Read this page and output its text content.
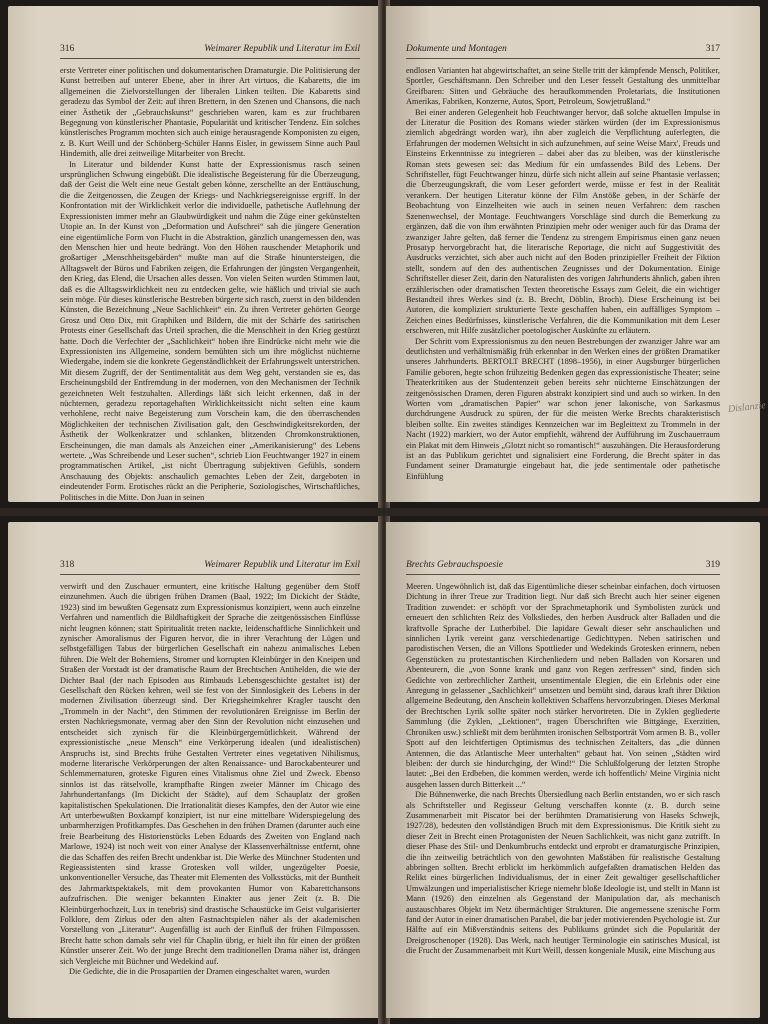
316	Weimarer Republik und Literatur im Exil

erste Vertreter einer politischen und dokumentarischen Dramaturgie. Die Politisierung der Kunst betreiben auf unterer Ebene, aber in ihrer Art virtuos, die Kabaretts, die im allgemeinen die Zielvorstellungen der liberalen Linken teilten. Die Kabaretts sind geradezu das Symbol der Zeit: auf ihren Brettern, in den Szenen und Chansons, die nach einer Ästhetik der „Gebrauchskunst“ geschrieben waren, kam es zur fruchtbaren Begegnung von künstlerischer Phantasie, Popularität und kritischer Tendenz. Ein solches künstlerisches Programm mochten sich auch einige herausragende Komponisten zu eigen, z. B. Kurt Weill und der Schönberg-Schüler Hanns Eisler, in gewissem Sinne auch Paul Hindemith, alle drei zeitweilige Mitarbeiter von Brecht.

In Literatur und bildender Kunst hatte der Expressionismus rasch seinen ursprünglichen Schwung eingebüßt. Die idealistische Begeisterung für die Überzeugung, daß der Geist die Welt eine neue Gestalt geben könne, zerschellte an der Enttäuschung, die die Zeitgenossen, die Zeugen der Kriegs- und Nachkriegsereignisse ergriff. In der Konfrontation mit der Wirklichkeit verlor die individuelle, pathetische Auflehnung der Expressionisten immer mehr an Glaubwürdigkeit und nahm die Züge einer gekünstelten Utopie an. In der Kunst von „Deformation und Aufschrei“ sah die jüngere Generation eine eigentümliche Form von Flucht in die Abstraktion, gänzlich unangemessen den, was den Menschen hier und heute bedrängt. Von den Höhen rauschender Metaphorik und großartiger „Menschheitsgebärden“ mußte man auf die Straße hinuntersteigen, die Alltagswelt der Büros und Fabriken zeigen, die Erfahrungen der jüngsten Vergangenheit, den Krieg, das Elend, die Ursachen alles dessen. Von vielen Seiten wurden Stimmen laut, daß es die Alltagswirklichkeit neu zu entdecken gelte, wie häßlich und trivial sie auch sein möge. Für dieses künstlerische Bestreben bürgerte sich rasch, zuerst in den bildenden Künsten, die Bezeichnung „Neue Sachlichkeit“ ein. Zu ihren Vertreter gehörten George Grosz und Otto Dix, mit Graphiken und Bildern, die mit der Schärfe des satirischen Protests einer Gesellschaft das Urteil sprachen, die die Menschheit in den Krieg gestürzt hatte. Doch die Verfechter der „Sachlichkeit“ hoben ihre Eindrücke nicht mehr wie die Expressionisten ins Allgemeine, sondern bemühten sich um ihre möglichst nüchterne Wiedergabe, indem sie die konkrete Gegenständlichkeit der Erfahrungswelt unterstrichen. Mit diesem Zugriff, der der Sentimentalität aus dem Weg geht, verstanden sie es, das Erscheinungsbild der Entfremdung in der modernen, von den Mechanismen der Technik gezeichneten Welt festzuhalten. Allerdings läßt sich leicht erkennen, daß in der nüchternen, geradezu reportagehaften Wirklichkeitssicht nicht selten eine kaum verhohlene, recht naive Begeisterung zum Vorschein kam, die den überraschenden Möglichkeiten der technischen Zivilisation galt, den Geschwindigkeitsrekorden, der Ästhetik der Wolkenkratzer und schlanken, blitzenden Chromkonstruktionen, Erscheinungen, die man damals als Anzeichen einer „Amerikanisierung“ des Lebens wertete. „Was Schreibende und Leser suchen“, schrieb Lion Feuchtwanger 1927 in einem programmatischen Artikel, „ist nicht Übertragung subjektiven Gefühls, sondern Anschauung des Objekts: anschaulich gemachtes Leben der Zeit, dargeboten in eindeutender Form. Erotisches rückt an die Peripherie, Soziologisches, Wirtschaftliches, Politisches in die Mitte. Don Juan in seinen

Dokumente und Montagen	317

endlosen Varianten hat abgewirtschaftet, an seine Stelle tritt der kämpfende Mensch, Politiker, Sportler, Geschäftsmann. Den Schreiber und den Leser fesselt Gestaltung des unmittelbar Greifbaren: Sitten und Gebräuche des heraufkommenden Proletariats, die Institutionen Amerikas, Fabriken, Konzerne, Autos, Sport, Petroleum, Sowjetrußland.“

Bei einer anderen Gelegenheit hob Feuchtwanger hervor, daß solche aktuellen Impulse in der Literatur die Position des Romans wieder stärken würden (der im Expressionismus ziemlich abgedrängt worden war), ihn aber zugleich die Verpflichtung auferlegten, die Erfahrungen der modernen Weltsicht in sich aufzunehmen, auf seine Weise Marx', Freuds und Einsteins Erkenntnisse zu integrieren – dabei aber das zu bleiben, was der künstlerische Roman stets gewesen sei: das Medium für ein umfassendes Bild des Lebens. Der Schriftsteller, fügt Feuchtwanger hinzu, dürfe sich nicht allein auf seine Phantasie verlassen; die Überzeugungskraft, die vom Leser gefordert werde, müsse er fest in der Realität verankern. Der heutigen Literatur könne der Film Anstöße geben, in der Schärfe der Beobachtung von Einzelheiten wie auch in seinen neuen Verfahren: dem raschen Szenenwechsel, der Montage. Feuchtwangers Vorschläge sind durch die Bemerkung zu ergänzen, daß die von ihm erwähnten Prinzipien mehr oder weniger auch für das Drama der zwanziger Jahre gelten, daß ferner die Tendenz zu strengem Empirismus einen ganz neuen Prosatyp hervorgebracht hat, die literarische Reportage, die nicht auf Suggestivität des Ausdrucks verzichtet, sich aber auch nicht auf den Boden prinzipieller Freiheit der Fiktion stellt, sondern auf den des authentischen Zeugnisses und der Dokumentation. Einige Schriftsteller dieser Zeit, darin den Naturalisten des vorigen Jahrhunderts ähnlich, gaben ihren erzählerischen oder dramatischen Texten theoretische Essays zum Geleit, die ein wichtiger Bestandteil ihres Werkes sind (z. B. Brecht, Döblin, Broch). Diese Erscheinung ist bei Autoren, die kompliziert strukturierte Texte geschaffen haben, ein auffälliges Symptom – Zeichen eines Bedürfnisses, künstlerische Verfahren, die die Kommunikation mit dem Leser erschweren, mit Hilfe zusätzlicher poetologischer Auskünfte zu erläutern.

Der Schritt vom Expressionismus zu den neuen Bestrebungen der zwanziger Jahre war am deutlichsten und verhältnismäßig früh erkennbar in den Werken eines der größten Dramatiker unseres Jahrhunderts. BERTOLT BRECHT (1898–1956), in einer Augsburger bürgerlichen Familie geboren, hegte schon frühzeitig Bedenken gegen das expressionistische Theater; seine Theaterkritiken aus der Studentenzeit geben bereits sehr nüchterne Einschätzungen der zeitgenössischen Dramen, deren Figuren abstrakt konzipiert sind und auch so wirken. In den Worten vom „dramatischen Papier“ war schon jener lakonische, von Sarkasmus durchdrungene Ausdruck zu spüren, der für die meisten Werke Brechts charakteristisch bleiben sollte. Ein zweites ständiges Kennzeichen war im Begleittext zu Trommeln in der Nacht (1922) markiert, wo der Autor empfiehlt, während der Aufführung im Zuschauerraum ein Plakat mit dem Hinweis „Glotzt nicht so romantisch!“ auszuhängen. Die Herausforderung ist an das Publikum gerichtet und signalisiert eine Forderung, die Brecht später in das Fundament seiner Dramaturgie eingebaut hat, die jede sentimentale oder pathetische Einfühlung

Dislanzie
318	Weimarer Republik und Literatur im Exil

verwirft und den Zuschauer ermuntert, eine kritische Haltung gegenüber dem Stoff einzunehmen. Auch die übrigen frühen Dramen (Baal, 1922; Im Dickicht der Städte, 1923) sind im bewußten Gegensatz zum Expressionismus konzipiert, wenn auch einzelne Verfahren und namentlich die Bildhaftigkeit der Sprache die zeitgenössischen Einflüsse nicht leugnen können; statt Spiritualität treten nackte, leidenschaftliche Sinnlichkeit und zynischer Amoralismus der Figuren hervor, die in ihrer Verachtung der Lügen und selbstgefälligen Tabus der bürgerlichen Gesellschaft ein nahezu animalisches Leben führen. Die Welt der Bohemiens, Stromer und korrupten Kleinbürger in den Kneipen und Straßen der Vorstadt ist der dramatische Raum der Brechtschen Antihelden, die wie der Dichter Baal (der nach Episoden aus Rimbauds Lebensgeschichte gestaltet ist) der Gesellschaft den Rücken kehren, weil sie fest von der Sinnlosigkeit des Lebens in der modernen Zivilisation überzeugt sind. Der Kriegsheimkehrer Kragler tauscht den „Trommeln in der Nacht“, den Stimmen der revolutionären Ereignisse im Berlin der ersten Nachkriegsmonate, vermag aber den Sinn der Revolution nicht einzusehen und entscheidet sich zynisch für die Kleinbürgergemütlichkeit. Während der expressionistische „neue Mensch“ eine Verkörperung idealen (und idealistischen) Anspruchs ist, sind Brechts frühe Gestalten Vertreter eines vegetativen Nihilismus, moderne literarische Verkörperungen der alten Renaissance- und Barockabenteurer und Schlemmernaturen, groteske Figuren eines Vitalismus ohne Ziel und Zweck. Ebenso sinnlos ist das rätselvolle, krampfhafte Ringen zweier Männer im Chicago des Jahrhundertanfangs (Im Dickicht der Städte), auf dem Schauplatz der großen kapitalistischen Spekulationen. Die Irrationalität dieses Kampfes, den der Autor wie eine Art unterbewußten Boxkampf konzipiert, ist nur eine mittelbare Widerspiegelung des unbarmherzigen Profitkampfes. Das Geschehen in den frühen Dramen (darunter auch eine freie Bearbeitung des Historienstücks Leben Eduards des Zweiten von England nach Marlowe, 1924) ist noch weit von einer Analyse der Klassenverhältnisse entfernt, ohne die das Schaffen des reifen Brecht undenkbar ist. Die Werke des Münchner Studenten und Regieassistenten sind krasse Grotesken voll wilder, ungezügelter Poesie, unkonventioneller Versuche, das Theater mit Elementen des Volksstücks, mit der Buntheit des Jahrmarktspektakels, mit dem provokanten Humor von Kabarettchansons aufzufrischen. Die weniger bekannten Einakter aus jener Zeit (z. B. Die Kleinbürgerhochzeit, Lux in tenebris) sind drastische Schaustücke im Geist vulgarisierter Folklore, dem Zirkus oder den alten Fastnachtspielen näher als der akademischen Vorstellung von „Literatur“. Augenfällig ist auch der Einfluß der frühen Filmposssen. Brecht hatte schon damals sehr viel für Chaplin übrig, er hielt ihn für einen der größten Künstler unserer Zeit. Wo der junge Brecht dem traditionellen Drama näher ist, drängen sich Vergleiche mit Büchner und Wedekind auf.

Die Gedichte, die in die Prosapartien der Dramen eingeschaltet waren, wurden

Brechts Gebrauchspoesie	319

Meeren. Ungewöhnlich ist, daß das Eigentümliche dieser scheinbar einfachen, doch virtuosen Dichtung in ihrer Treue zur Tradition liegt. Nur daß sich Brecht auch hier seiner eigenen Tradition zuwendet: er schöpft vor der Sprachmetaphorik und Symbolisten zurück und erneuert den schlichten Reiz des Volksliedes, den herben Ausdruck alter Balladen und die kraftvolle Sprache der Lutherbibel. Die lapidare Gewalt dieser sehr anschaulichen und sinnlichen Lyrik vereint ganz verschiedenartige Gedichttypen. Neben satirischen und parodistischen Versen, die an Villons Spottlieder und Wedekinds Grotesken erinnern, neben Gegenstücken zu protestantischen Kirchenliedern und neben Balladen von Korsaren und Abenteurern, die „von Sonne krank und ganz von Regen zerfressen“ sind, finden sich Gedichte von zerbrechlicher Zartheit, unsentimentale Elegien, die ein Erlebnis oder eine Anregung in gelassener „Sachlichkeit“ umsetzen und bemüht sind, daraus kraft ihrer Diktion allgemeine Bedeutung, den Anschein kollektiven Schaffens hervorzubringen. Dieses Merkmal der Brechtschen Lyrik sollte später noch stärker hervortreten. Die in Zyklen gegliederte Sammlung (die Zyklen, „Lektionen“, tragen Überschriften wie Bittgänge, Exerzitien, Chroniken usw.) schließt mit dem berühmten ironischen Selbstporträt Vom armen B. B., voller Spott auf den leichtfertigen Optimismus des technischen Zeitalters, das „die dünnen Antennen, die das Atlantische Meer unterhalten“ gebaut hat. Von seinen „Städten wird bleiben: der durch sie hindurchging, der Wind!“ Die Schlußfolgerung der letzten Strophe lautet: „Bei den Erdbeben, die kommen werden, werde ich hoffentlich/ Meine Virginia nicht ausgehen lassen durch Bitterkeit ...“

Die Bühnenwerke, die nach Brechts Übersiedlung nach Berlin entstanden, wo er sich rasch als Schriftsteller und Regisseur Geltung verschaffen konnte (z. B. durch seine Zusammenarbeit mit Piscator bei der berühmten Dramatisierung von Haseks Schwejk, 1927/28), bedeuten den vollständigen Bruch mit dem Expressionismus. Die Kritik sieht zu dieser Zeit in Brecht einen Protagonisten der Neuen Sachlichkeit, was nicht ganz zutrifft. In dieser Phase des Stil- und Denkumbruchs entdeckt und erprobt er dramaturgische Prinzipien, die ihn zeitweilig beträchtlich von den gewohnten Maßstäben für realistische Gestaltung abbringen sollten. Brecht erblickt im herkömmlich aufgefaßten dramatischen Helden das Relikt eines bürgerlichen Individualismus, der in einer Zeit gewaltiger gesellschaftlicher Umwälzungen und imperialistischer Kriege niemehr bloße Ideologie ist, und stellt in Mann ist Mann (1926) den einzelnen als Gegenstand der Manipulation dar, als mechanisch austauschbares Objekt im Netz übermächtiger Strukturen. Die angemessene szenische Form fand der Autor in einer dramatischen Parabel, die bar jeder motivierenden Psychologie ist. Zur Hälfte auf ein Mißverständnis seitens des Publikums gründet sich die Popularität der Dreigroschenoper (1928). Das Werk, nach heutiger Terminologie ein satirisches Musical, ist die Frucht der Zusammenarbeit mit Kurt Weill, dessen kongeniale Musik, eine Mischung aus
